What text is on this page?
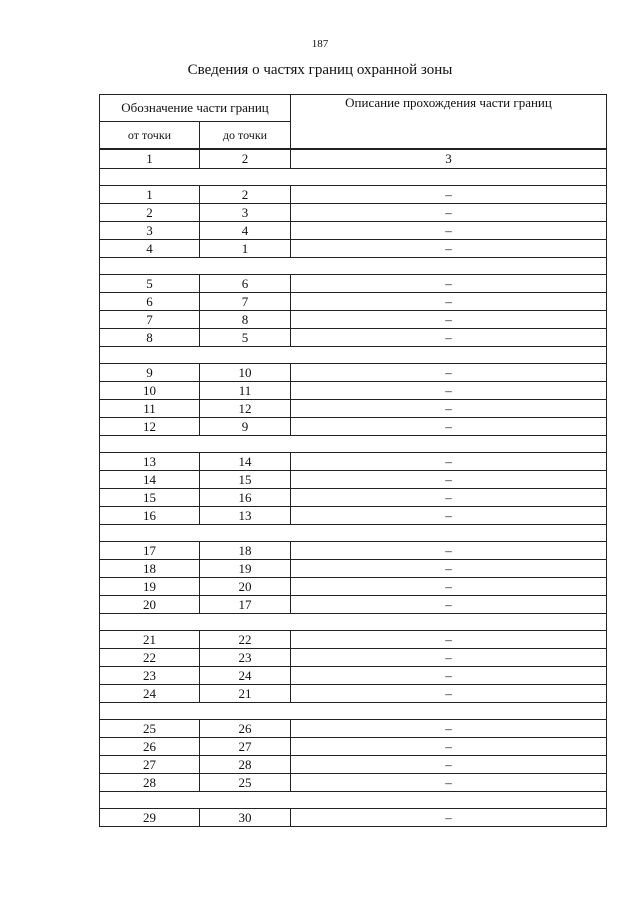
187
Сведения о частях границ охранной зоны
Обозначение части границ		Описание прохождения части границ
от точки	до точки	
1	2	3

1	2	–
2	3	–
3	4	–
4	1	–

5	6	–
6	7	–
7	8	–
8	5	–

9	10	–
10	11	–
11	12	–
12	9	–

13	14	–
14	15	–
15	16	–
16	13	–

17	18	–
18	19	–
19	20	–
20	17	–

21	22	–
22	23	–
23	24	–
24	21	–

25	26	–
26	27	–
27	28	–
28	25	–

29	30	–
